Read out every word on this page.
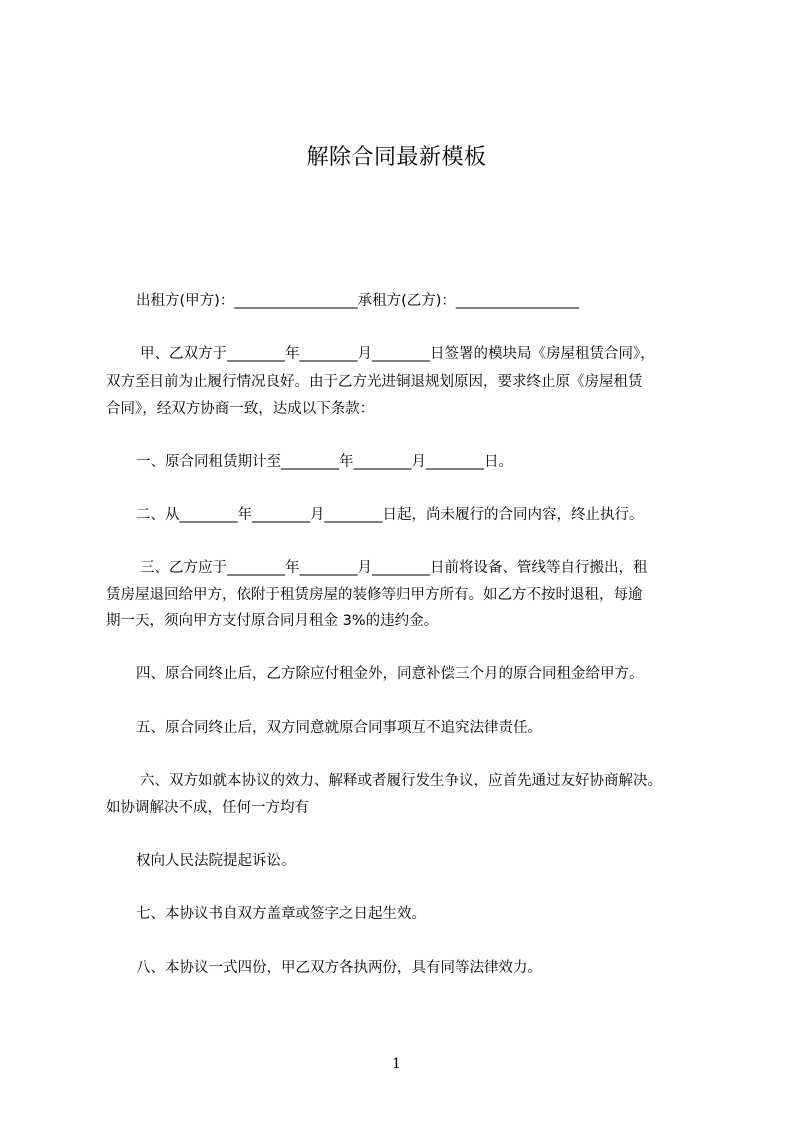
解除合同最新模板
出租方(甲方)：_________________承租方(乙方)：_________________
甲、乙双方于________年________月________日签署的模块局《房屋租赁合同》，
双方至目前为止履行情况良好。由于乙方光进铜退规划原因，要求终止原《房屋租赁
合同》，经双方协商一致，达成以下条款：
一、原合同租赁期计至________年________月________日。
二、从________年________月________日起，尚未履行的合同内容，终止执行。
三、乙方应于________年________月________日前将设备、管线等自行搬出，租
赁房屋退回给甲方，依附于租赁房屋的装修等归甲方所有。如乙方不按时退租，每逾
期一天，须向甲方支付原合同月租金 3%的违约金。
四、原合同终止后，乙方除应付租金外，同意补偿三个月的原合同租金给甲方。
五、原合同终止后，双方同意就原合同事项互不追究法律责任。
六、双方如就本协议的效力、解释或者履行发生争议，应首先通过友好协商解决。
如协调解决不成，任何一方均有
权向人民法院提起诉讼。
七、本协议书自双方盖章或签字之日起生效。
八、本协议一式四份，甲乙双方各执两份，具有同等法律效力。
1
